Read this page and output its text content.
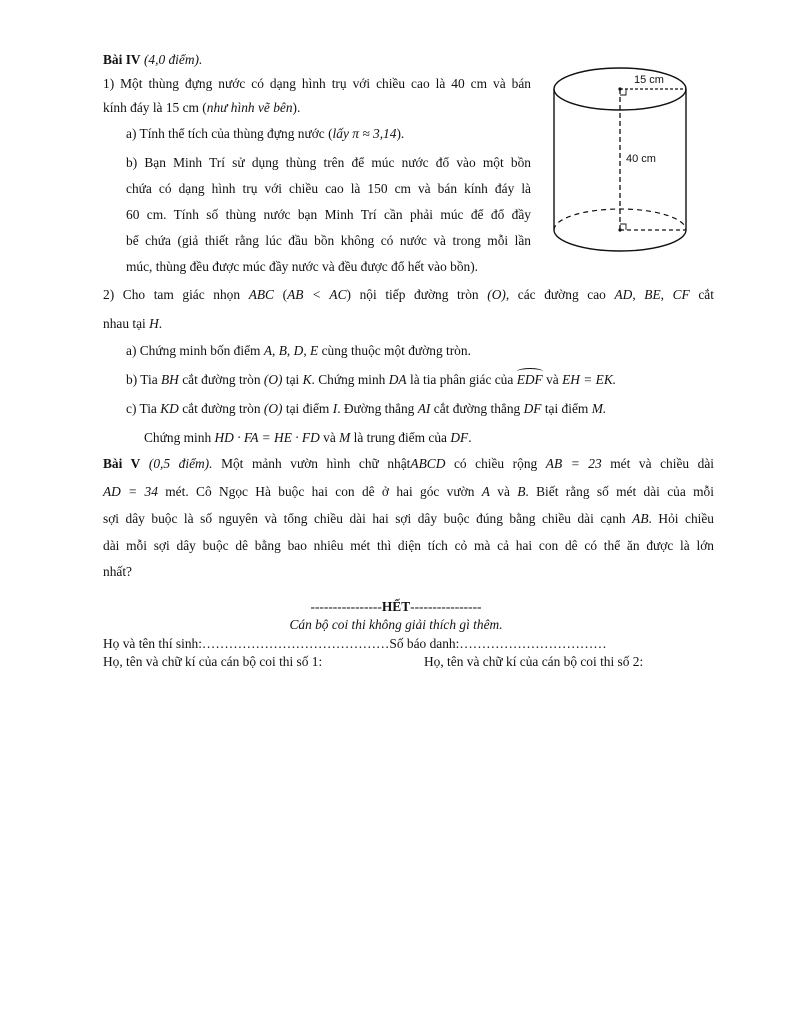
Bài IV (4,0 điểm).
1) Một thùng đựng nước có dạng hình trụ với chiều cao là 40 cm và bán
kính đáy là 15 cm (như hình vẽ bên).
a) Tính thể tích của thùng đựng nước (lấy π ≈ 3,14).
b) Bạn Minh Trí sử dụng thùng trên để múc nước đổ vào một bồn
chứa có dạng hình trụ với chiều cao là 150 cm và bán kính đáy là
60 cm. Tính số thùng nước bạn Minh Trí cần phải múc để đổ đầy
bể chứa (giả thiết rằng lúc đầu bồn không có nước và trong mỗi lần
múc, thùng đều được múc đầy nước và đều được đổ hết vào bồn).
15 cm
40 cm
2) Cho tam giác nhọn ABC (AB < AC) nội tiếp đường tròn (O), các đường cao AD, BE, CF cắt
nhau tại H.
a) Chứng minh bốn điểm A, B, D, E cùng thuộc một đường tròn.
b) Tia BH cắt đường tròn (O) tại K. Chứng minh DA là tia phân giác của EDF và EH = EK.
c) Tia KD cắt đường tròn (O) tại điểm I. Đường thẳng AI cắt đường thẳng DF tại điểm M.
Chứng minh HD · FA = HE · FD và M là trung điểm của DF.
Bài V (0,5 điểm). Một mảnh vườn hình chữ nhậtABCD có chiều rộng AB = 23 mét và chiều dài
AD = 34 mét. Cô Ngọc Hà buộc hai con dê ở hai góc vườn A và B. Biết rằng số mét dài của mỗi
sợi dây buộc là số nguyên và tổng chiều dài hai sợi dây buộc đúng bằng chiều dài cạnh AB. Hỏi chiều
dài mỗi sợi dây buộc dê bằng bao nhiêu mét thì diện tích cỏ mà cả hai con dê có thể ăn được là lớn
nhất?
----------------HẾT----------------
Cán bộ coi thi không giải thích gì thêm.
Họ và tên thí sinh:……………………………………Số báo danh:……………………………
Họ, tên và chữ kí của cán bộ coi thi số 1:	Họ, tên và chữ kí của cán bộ coi thi số 2:
